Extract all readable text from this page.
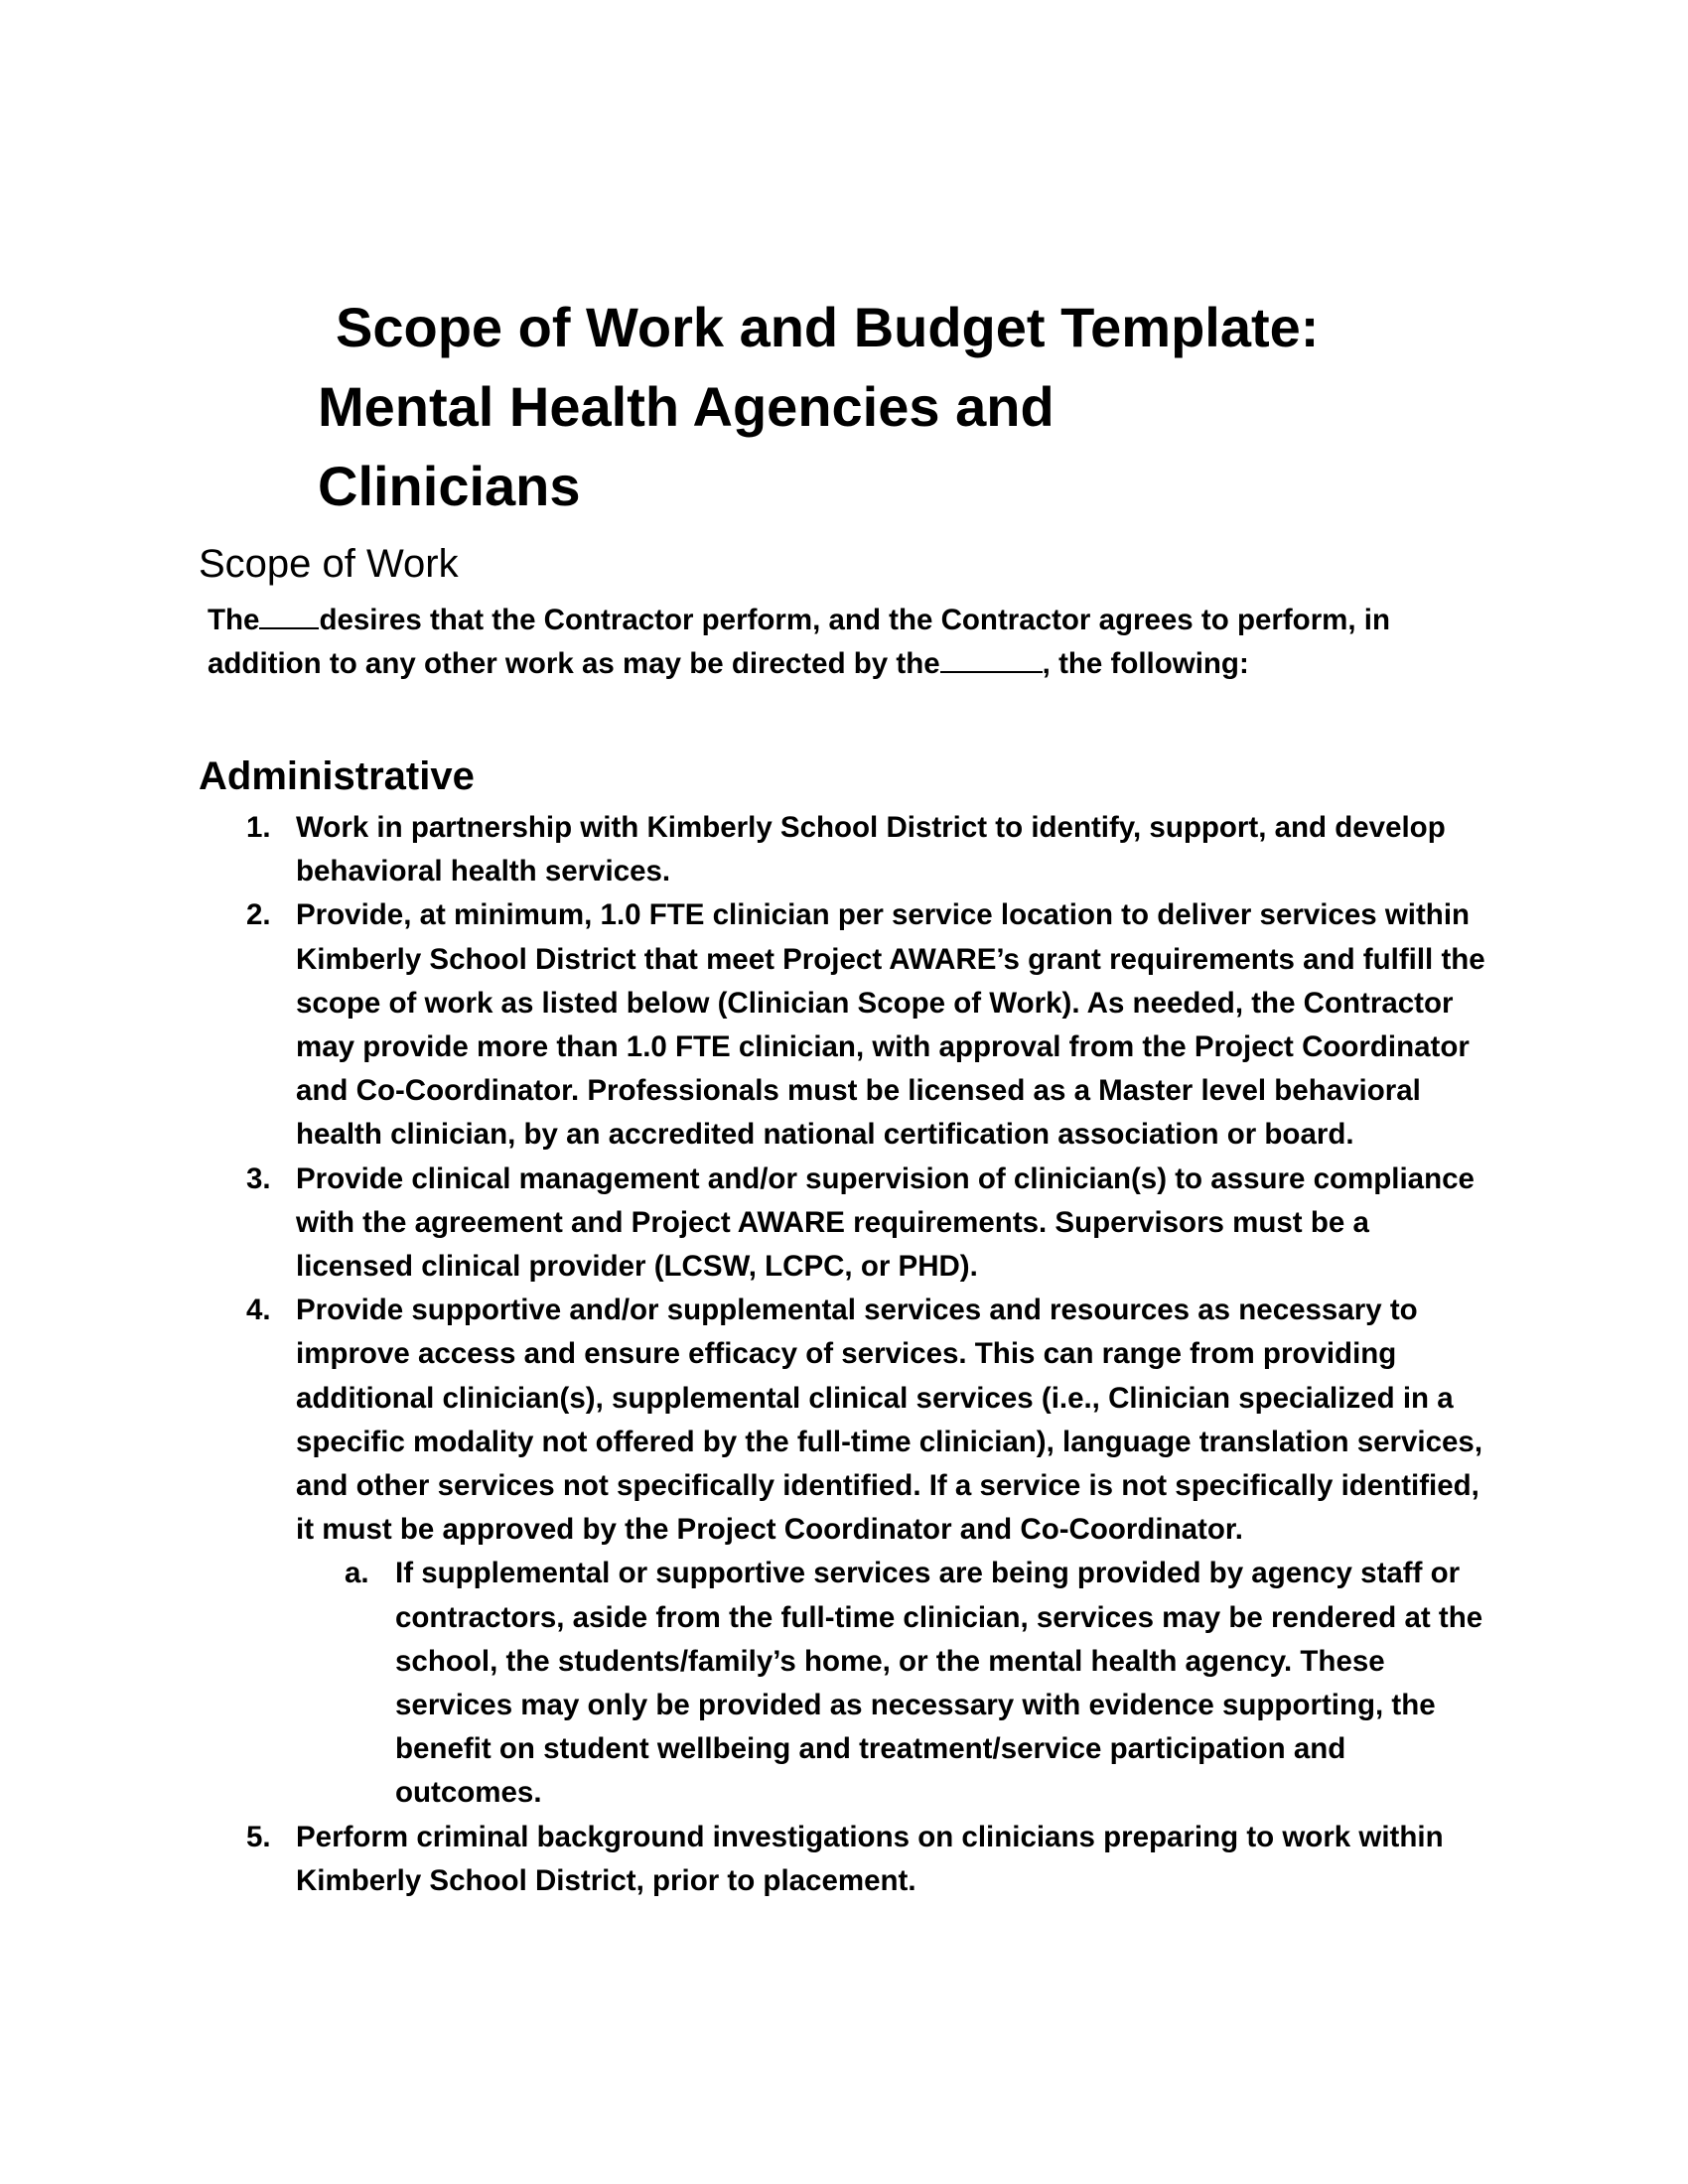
Scope of Work and Budget Template:
Mental Health Agencies and
Clinicians
Scope of Work

The desires that the Contractor perform, and the Contractor agrees to perform, in addition to any other work as may be directed by the	, the following:

Administrative
1. Work in partnership with Kimberly School District to identify, support, and develop behavioral health services.
2. Provide, at minimum, 1.0 FTE clinician per service location to deliver services within Kimberly School District that meet Project AWARE’s grant requirements and fulfill the scope of work as listed below (Clinician Scope of Work). As needed, the Contractor may provide more than 1.0 FTE clinician, with approval from the Project Coordinator and Co-Coordinator. Professionals must be licensed as a Master level behavioral health clinician, by an accredited national certification association or board.
3. Provide clinical management and/or supervision of clinician(s) to assure compliance with the agreement and Project AWARE requirements. Supervisors must be a licensed clinical provider (LCSW, LCPC, or PHD).
4. Provide supportive and/or supplemental services and resources as necessary to improve access and ensure efficacy of services. This can range from providing additional clinician(s), supplemental clinical services (i.e., Clinician specialized in a specific modality not offered by the full-time clinician), language translation services, and other services not specifically identified. If a service is not specifically identified, it must be approved by the Project Coordinator and Co-Coordinator.
a. If supplemental or supportive services are being provided by agency staff or contractors, aside from the full-time clinician, services may be rendered at the school, the students/family’s home, or the mental health agency. These services may only be provided as necessary with evidence supporting, the benefit on student wellbeing and treatment/service participation and outcomes.
5. Perform criminal background investigations on clinicians preparing to work within Kimberly School District, prior to placement.
